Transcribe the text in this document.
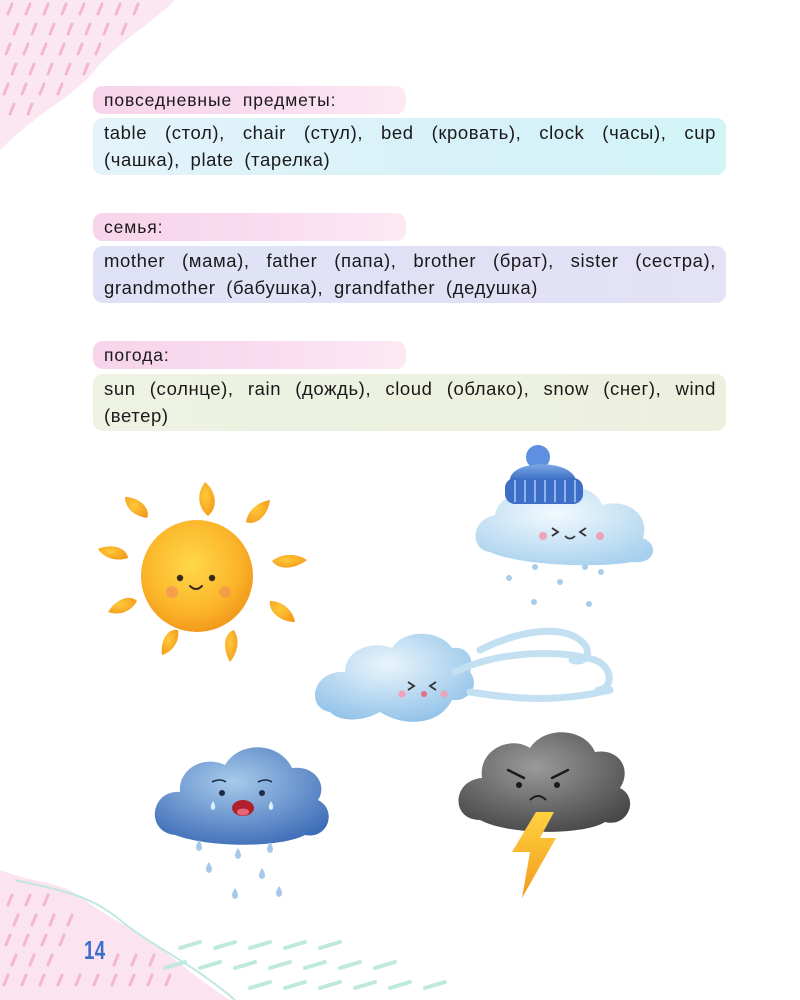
повседневные предметы:
table (стол), chair (стул), bed (кровать), clock (часы), cup (чашка), plate (тарелка)
семья:
mother (мама), father (папа), brother (брат), sister (сестра), grandmother (бабушка), grandfather (дедушка)
погода:
sun (солнце), rain (дождь), cloud (облако), snow (снег), wind (ветер)
14
